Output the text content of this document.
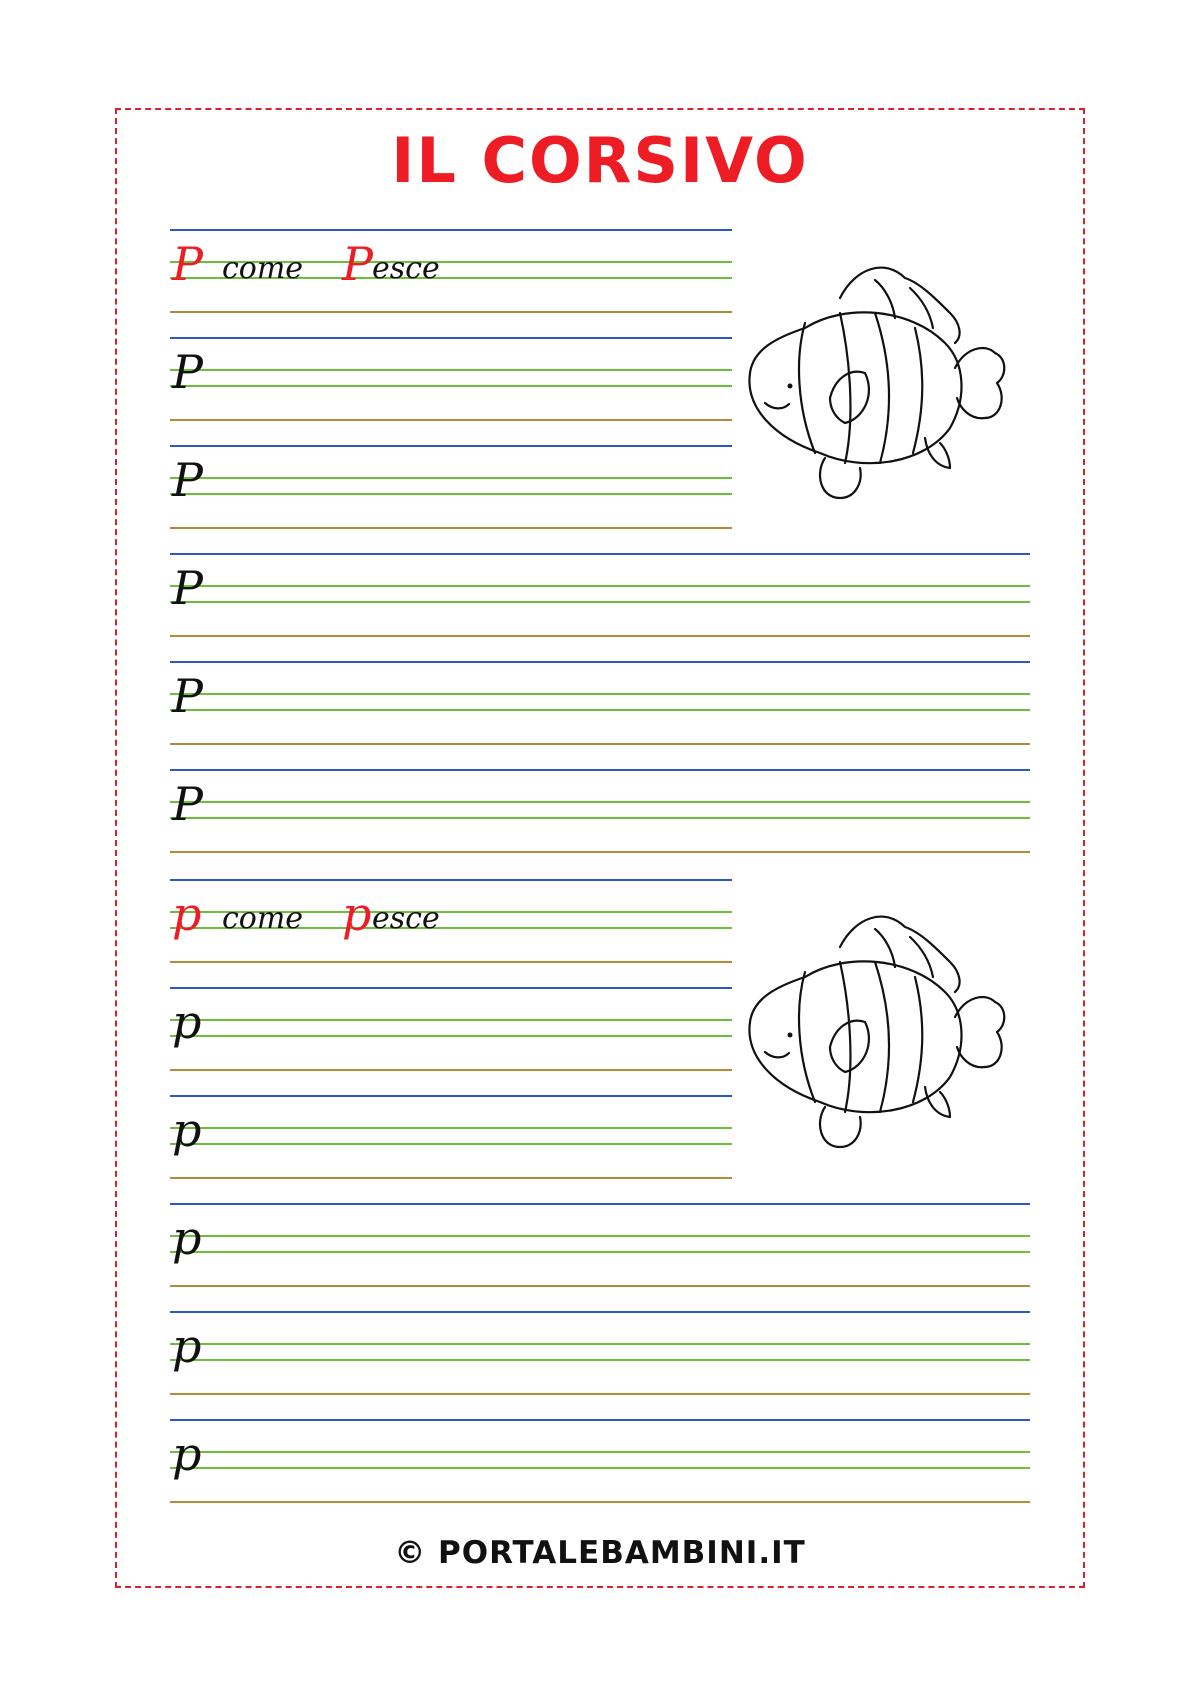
IL CORSIVO
P come P esce
P
P
P
P
P
p come p esce
p
p
p
p
p
© PORTALEBAMBINI.IT
